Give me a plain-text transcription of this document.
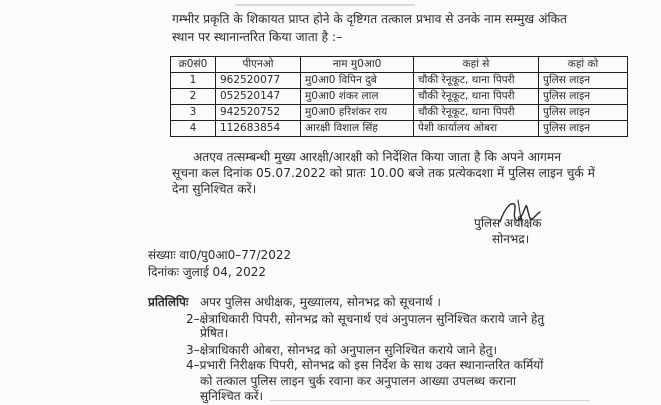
गम्भीर प्रकृति के शिकायत प्राप्त होने के दृष्टिगत तत्काल प्रभाव से उनके नाम सम्मुख अंकित
स्थान पर स्थानान्तरित किया जाता है :–
क्र0सं0	पीएनओ	नाम मु0आ0	कहां से	कहां को
1	962520077	मु0आ0 विपिन दुबे	चौकी रेनूकूट, थाना पिपरी	पुलिस लाइन
2	052520147	मु0आ0 शंकर लाल	चौकी रेनूकूट, थाना पिपरी	पुलिस लाइन
3	942520752	मु0आ0 हरिशंकर राय	चौकी रेनूकूट, थाना पिपरी	पुलिस लाइन
4	112683854	आरक्षी विशाल सिंह	पेशी कार्यालय ओबरा	पुलिस लाइन
अतएव तत्सम्बन्धी मुख्य आरक्षी/आरक्षी को निर्देशित किया जाता है कि अपने आगमन
सूचना कल दिनांक 05.07.2022 को प्रातः 10.00 बजे तक प्रत्येकदशा में पुलिस लाइन चुर्क में
देना सुनिश्चित करें।
पुलिस अधीक्षक
सोनभद्र।
संख्याः वा0/पु0आ0–77/2022
दिनांकः जुलाई 04, 2022
प्रतिलिपिः अपर पुलिस अधीक्षक, मुख्यालय, सोनभद्र को सूचनार्थ ।
2–क्षेत्राधिकारी पिपरी, सोनभद्र को सूचनार्थ एवं अनुपालन सुनिश्चित कराये जाने हेतु
प्रेषित।
3–क्षेत्राधिकारी ओबरा, सोनभद्र को अनुपालन सुनिश्चित कराये जाने हेतु।
4–प्रभारी निरीक्षक पिपरी, सोनभद्र को इस निर्देश के साथ उक्त स्थानान्तरित कर्मियों
को तत्काल पुलिस लाइन चुर्क रवाना कर अनुपालन आख्या उपलब्ध कराना
सुनिश्चित करें।
